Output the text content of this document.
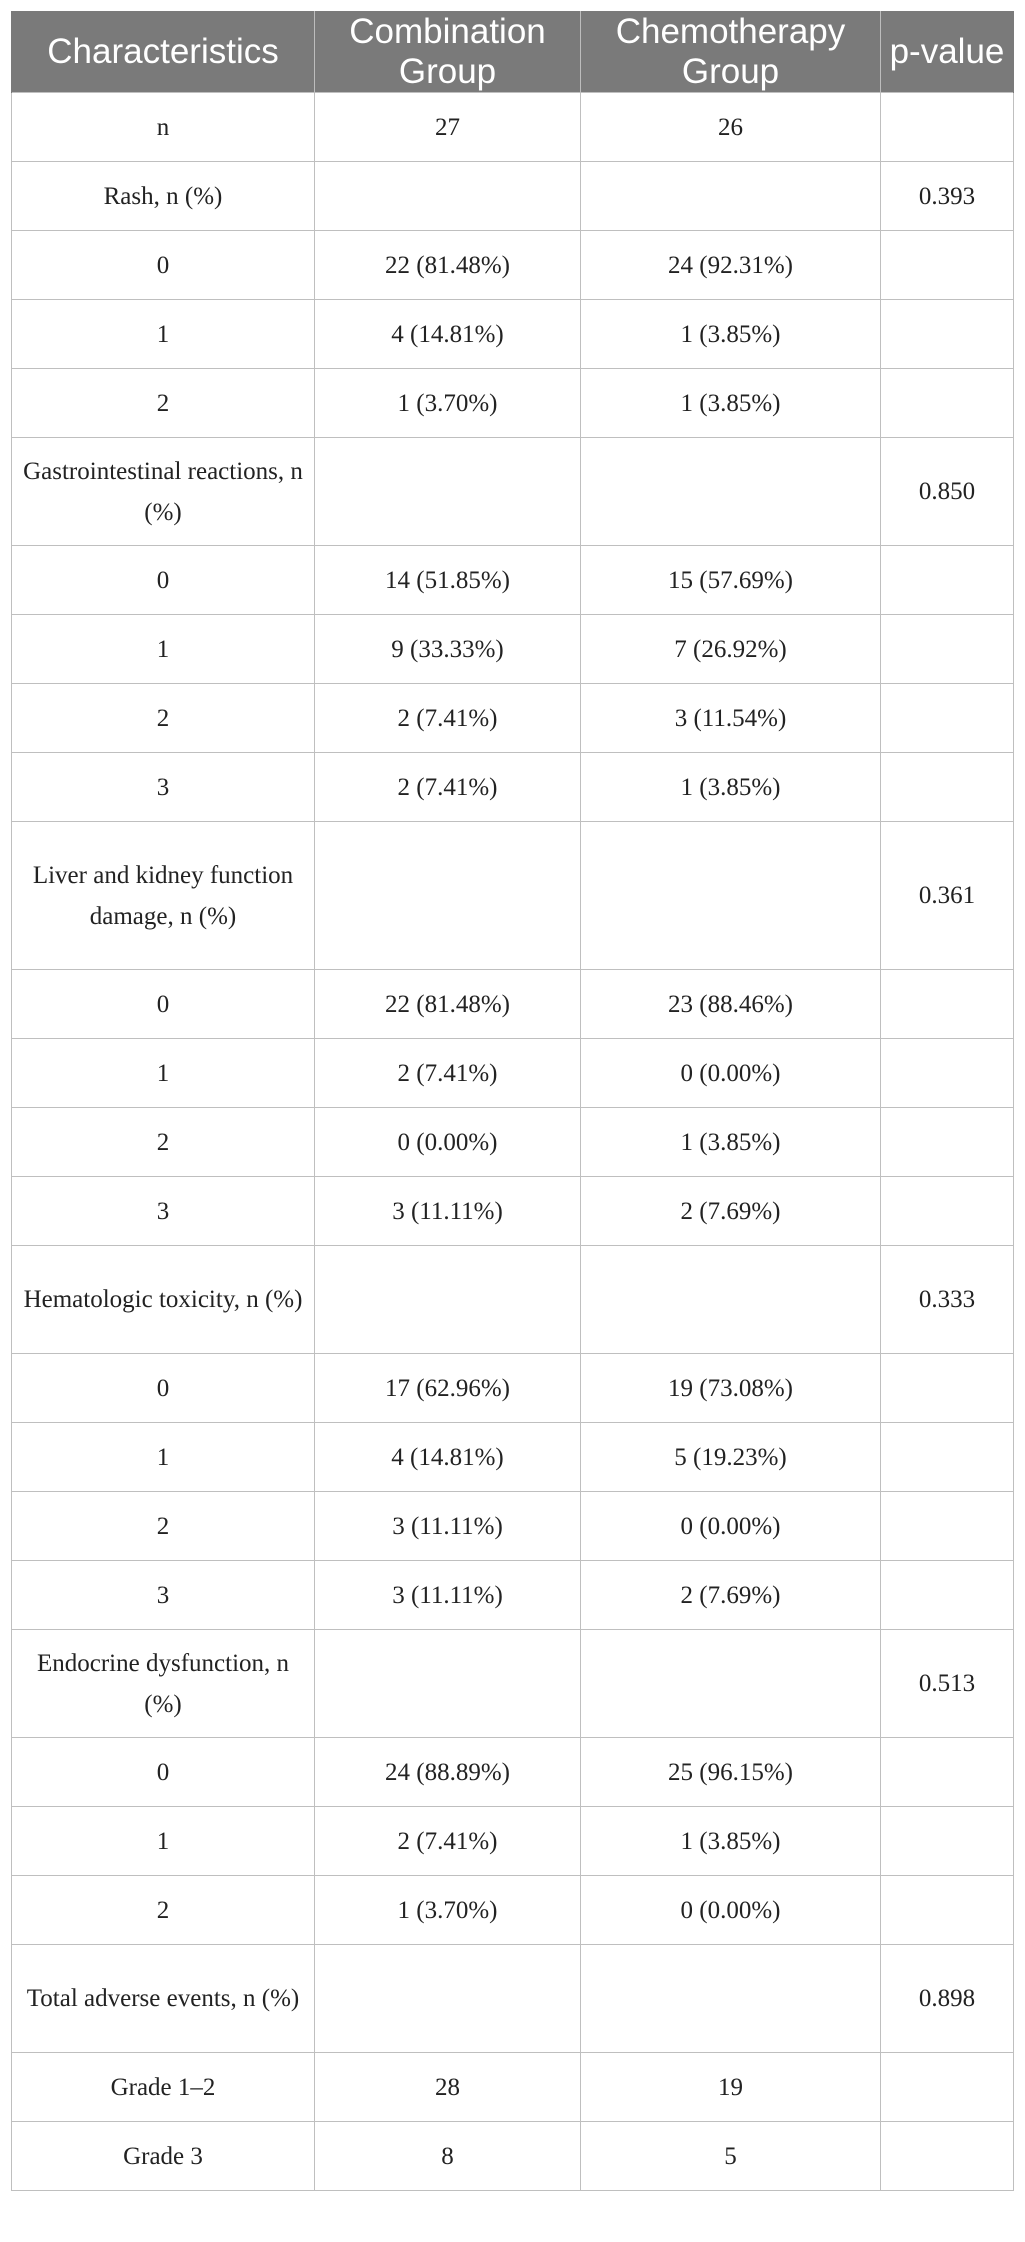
Characteristics	Combination Group	Chemotherapy Group	p-value
n	27	26	
Rash, n (%)			0.393
0	22 (81.48%)	24 (92.31%)	
1	4 (14.81%)	1 (3.85%)	
2	1 (3.70%)	1 (3.85%)	
Gastrointestinal reactions, n (%)			0.850
0	14 (51.85%)	15 (57.69%)	
1	9 (33.33%)	7 (26.92%)	
2	2 (7.41%)	3 (11.54%)	
3	2 (7.41%)	1 (3.85%)	
Liver and kidney function damage, n (%)			0.361
0	22 (81.48%)	23 (88.46%)	
1	2 (7.41%)	0 (0.00%)	
2	0 (0.00%)	1 (3.85%)	
3	3 (11.11%)	2 (7.69%)	
Hematologic toxicity, n (%)			0.333
0	17 (62.96%)	19 (73.08%)	
1	4 (14.81%)	5 (19.23%)	
2	3 (11.11%)	0 (0.00%)	
3	3 (11.11%)	2 (7.69%)	
Endocrine dysfunction, n (%)			0.513
0	24 (88.89%)	25 (96.15%)	
1	2 (7.41%)	1 (3.85%)	
2	1 (3.70%)	0 (0.00%)	
Total adverse events, n (%)			0.898
Grade 1–2	28	19	
Grade 3	8	5	
